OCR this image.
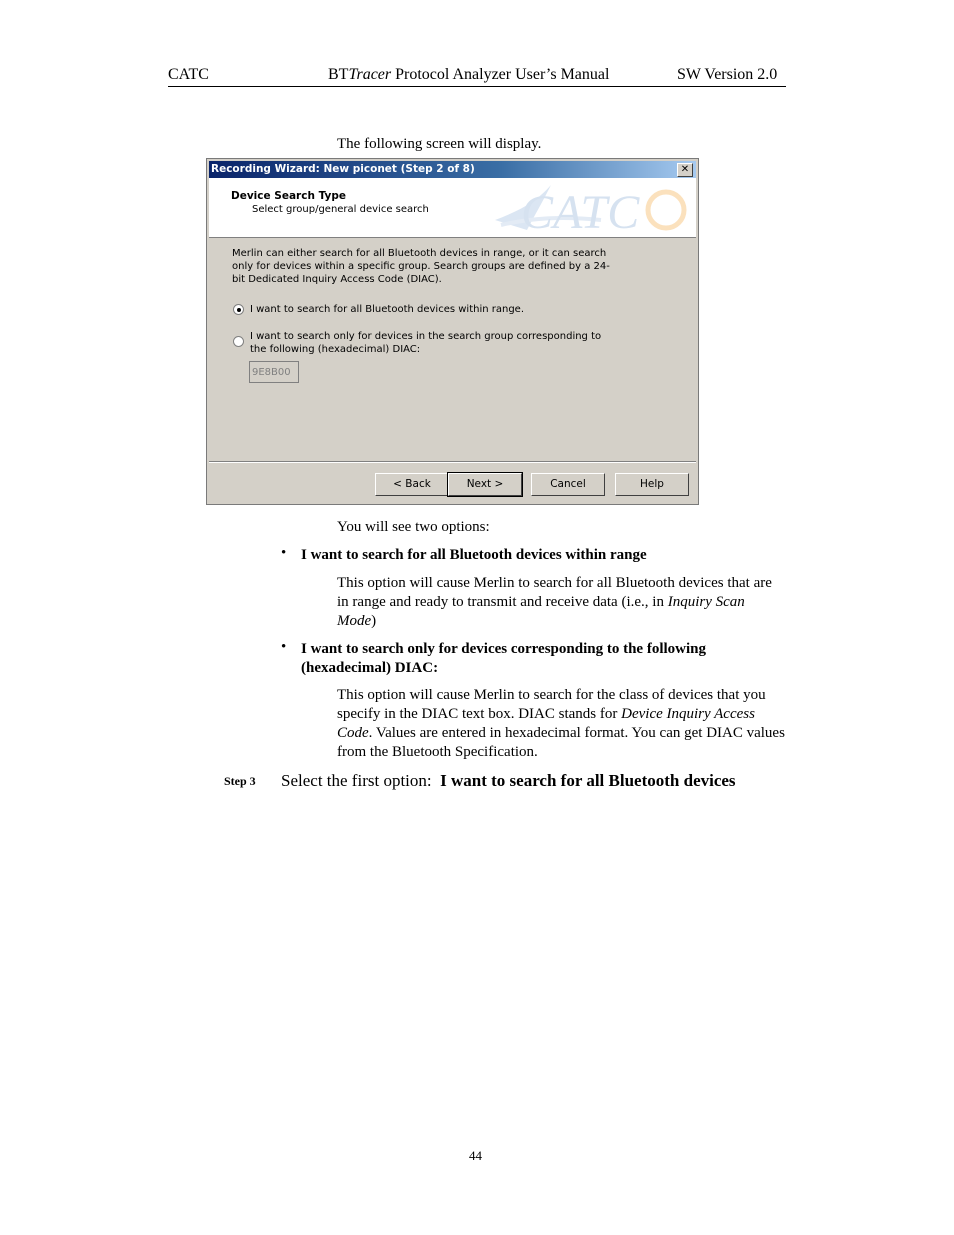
CATC	BTTracer Protocol Analyzer User’s Manual	SW Version 2.0
The following screen will display.
Recording Wizard: New piconet (Step 2 of 8)	✕
Device Search Type
Select group/general device search CATC
Merlin can either search for all Bluetooth devices in range, or it can search only for devices within a specific group. Search groups are defined by a 24-bit Dedicated Inquiry Access Code (DIAC).
I want to search for all Bluetooth devices within range.
I want to search only for devices in the search group corresponding to the following (hexadecimal) DIAC:
9E8B00
< Back	Next >	Cancel	Help
You will see two options:
• I want to search for all Bluetooth devices within range
This option will cause Merlin to search for all Bluetooth devices that are in range and ready to transmit and receive data (i.e., in Inquiry Scan Mode)
• I want to search only for devices corresponding to the following (hexadecimal) DIAC:
This option will cause Merlin to search for the class of devices that you specify in the DIAC text box. DIAC stands for Device Inquiry Access Code. Values are entered in hexadecimal format. You can get DIAC values from the Bluetooth Specification.
Step 3 Select the first option:  I want to search for all Bluetooth devices
44
